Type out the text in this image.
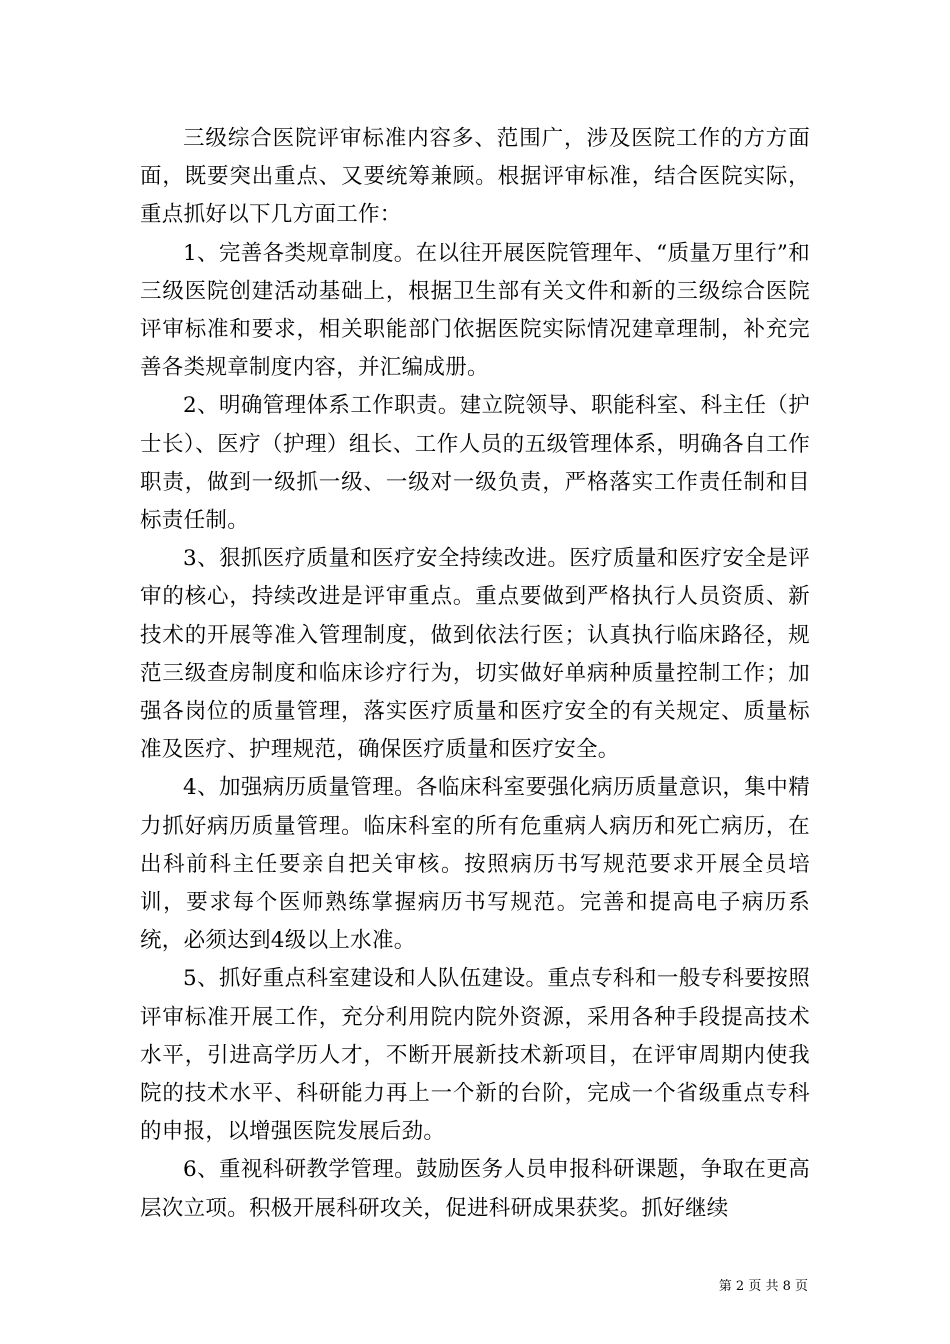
三级综合医院评审标准内容多、范围广，涉及医院工作的方方面面，既要突出重点、又要统筹兼顾。根据评审标准，结合医院实际，重点抓好以下几方面工作：

1、完善各类规章制度。在以往开展医院管理年、“质量万里行”和三级医院创建活动基础上，根据卫生部有关文件和新的三级综合医院评审标准和要求，相关职能部门依据医院实际情况建章理制，补充完善各类规章制度内容，并汇编成册。

2、明确管理体系工作职责。建立院领导、职能科室、科主任（护士长）、医疗（护理）组长、工作人员的五级管理体系，明确各自工作职责，做到一级抓一级、一级对一级负责，严格落实工作责任制和目标责任制。

3、狠抓医疗质量和医疗安全持续改进。医疗质量和医疗安全是评审的核心，持续改进是评审重点。重点要做到严格执行人员资质、新技术的开展等准入管理制度，做到依法行医；认真执行临床路径，规范三级查房制度和临床诊疗行为，切实做好单病种质量控制工作；加强各岗位的质量管理，落实医疗质量和医疗安全的有关规定、质量标准及医疗、护理规范，确保医疗质量和医疗安全。

4、加强病历质量管理。各临床科室要强化病历质量意识，集中精力抓好病历质量管理。临床科室的所有危重病人病历和死亡病历，在出科前科主任要亲自把关审核。按照病历书写规范要求开展全员培训，要求每个医师熟练掌握病历书写规范。完善和提高电子病历系统，必须达到4级以上水准。

5、抓好重点科室建设和人队伍建设。重点专科和一般专科要按照评审标准开展工作，充分利用院内院外资源，采用各种手段提高技术水平，引进高学历人才，不断开展新技术新项目，在评审周期内使我院的技术水平、科研能力再上一个新的台阶，完成一个省级重点专科的申报，以增强医院发展后劲。

6、重视科研教学管理。鼓励医务人员申报科研课题，争取在更高层次立项。积极开展科研攻关，促进科研成果获奖。抓好继续

第 2 页 共 8 页
